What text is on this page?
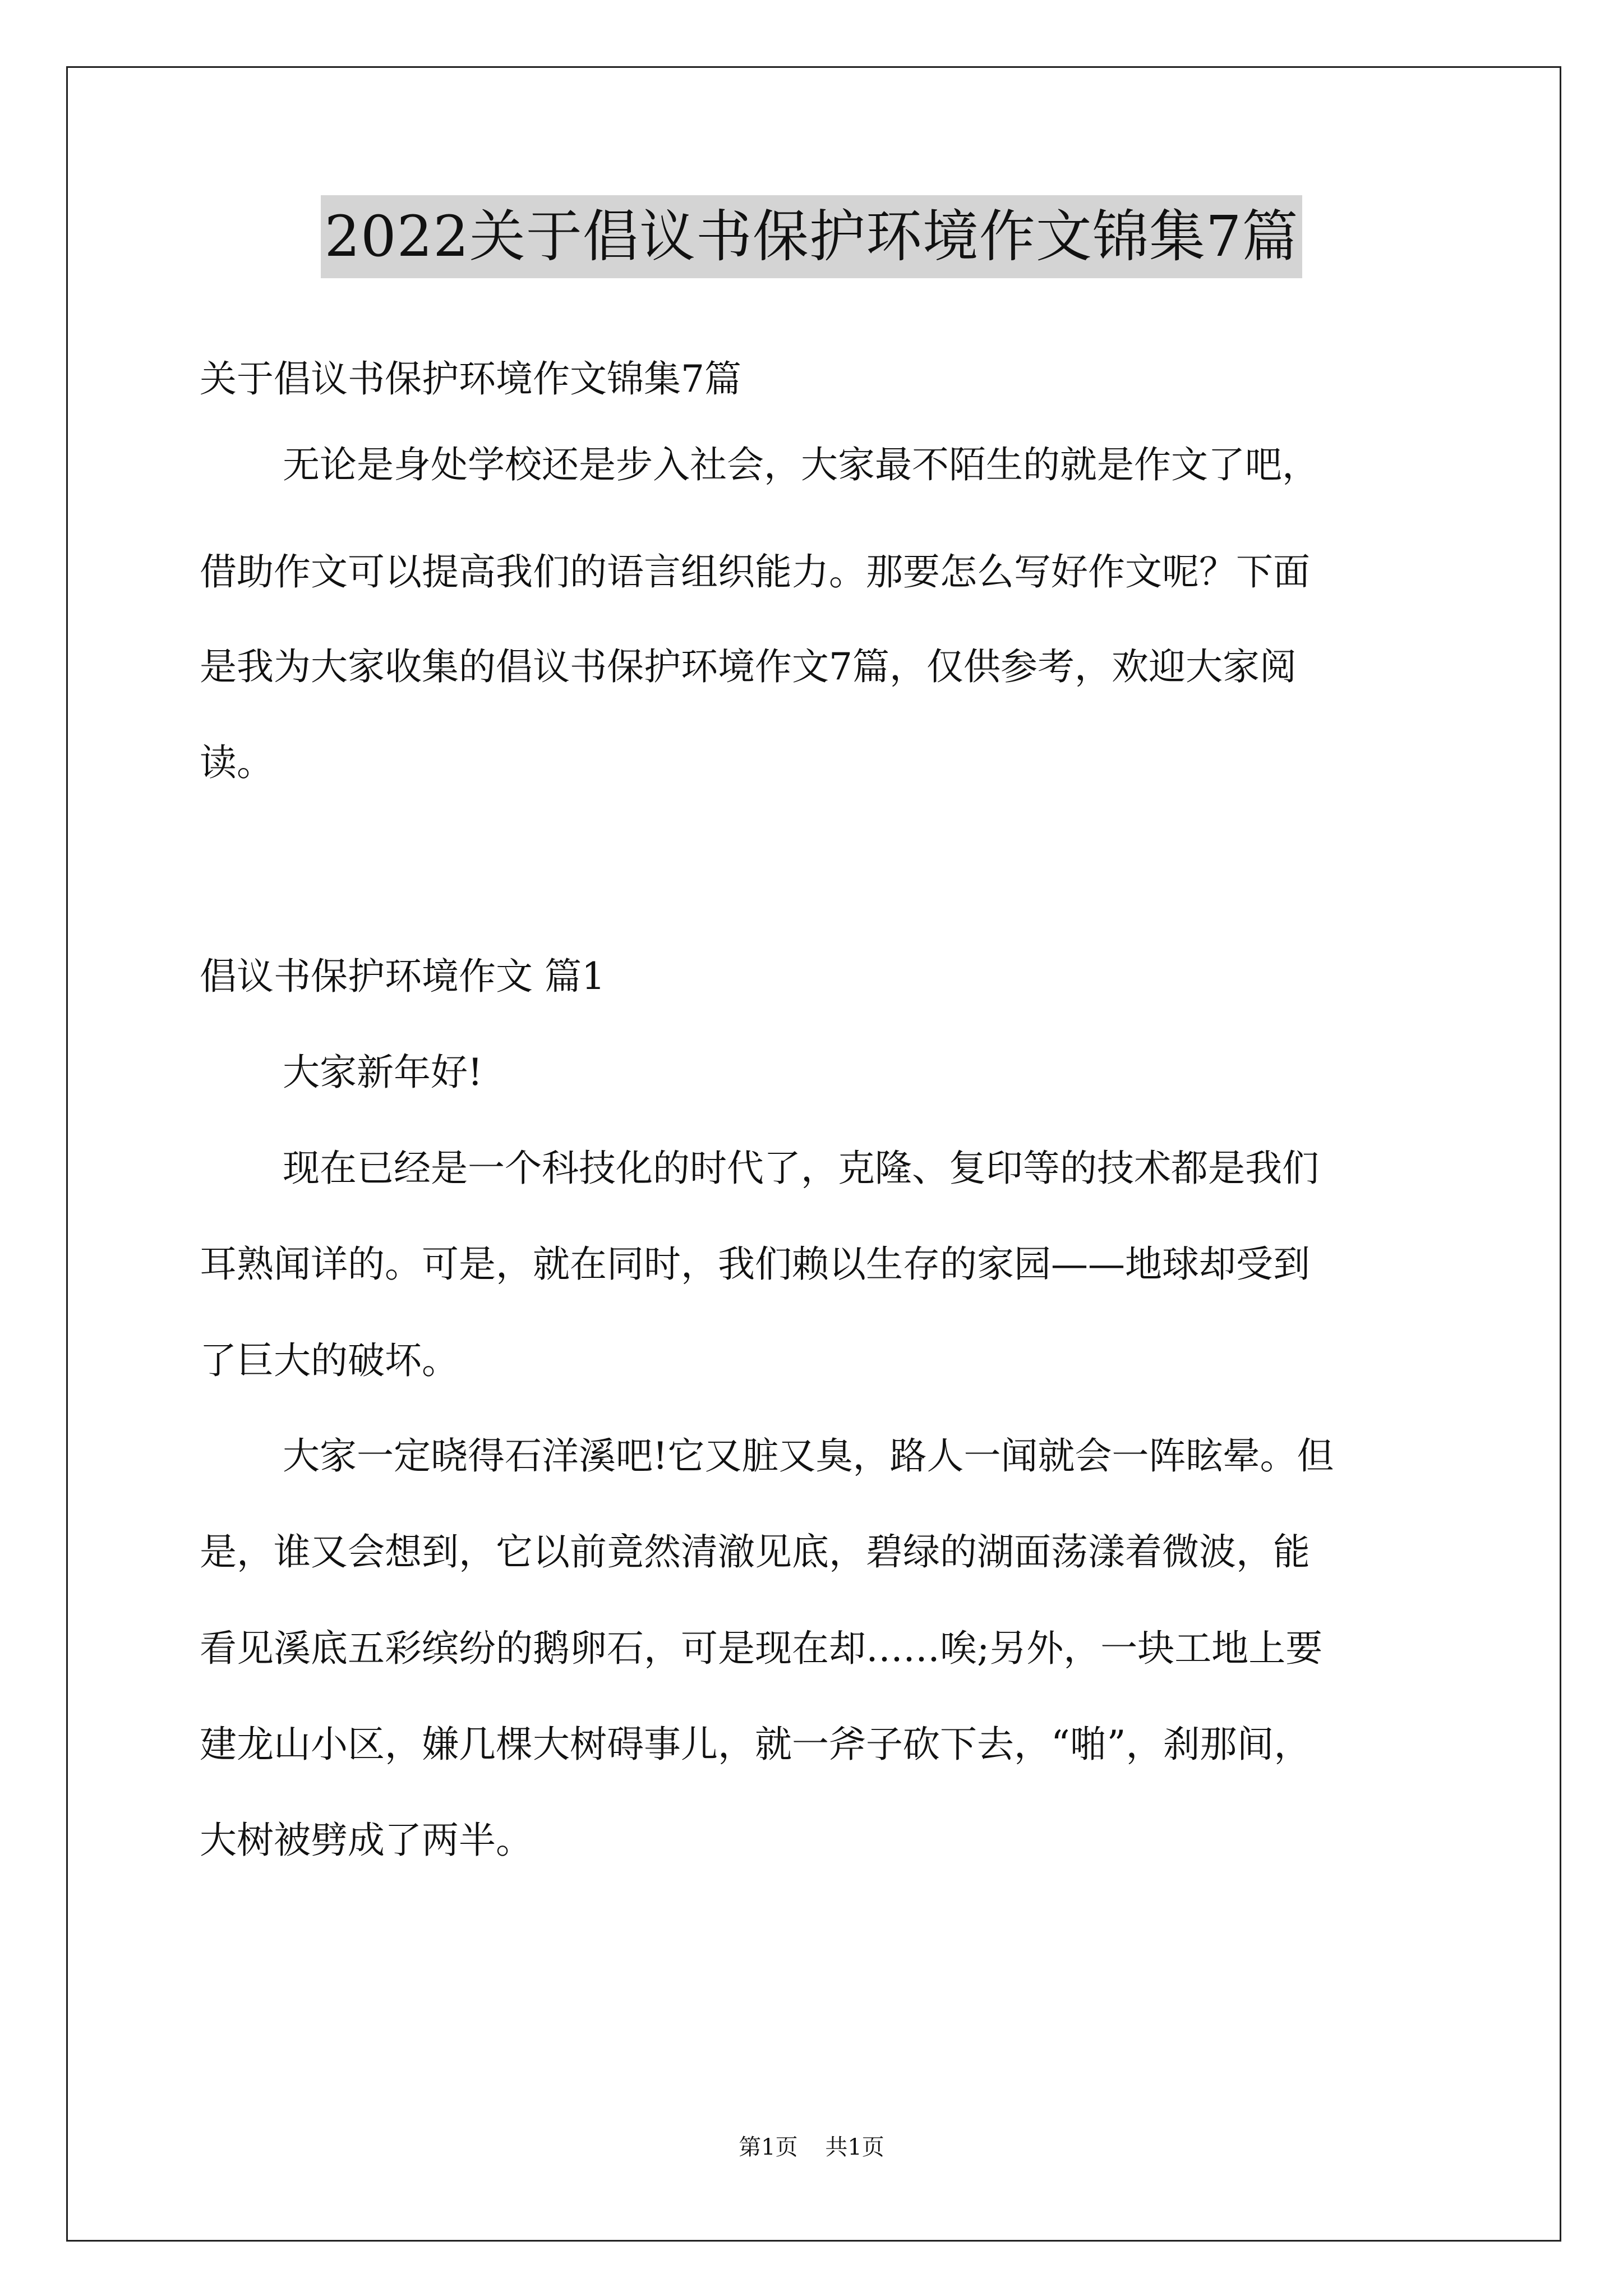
2022关于倡议书保护环境作文锦集7篇
关于倡议书保护环境作文锦集7篇
无论是身处学校还是步入社会，大家最不陌生的就是作文了吧，
借助作文可以提高我们的语言组织能力。那要怎么写好作文呢？下面
是我为大家收集的倡议书保护环境作文7篇，仅供参考，欢迎大家阅
读。
倡议书保护环境作文 篇1
大家新年好!
现在已经是一个科技化的时代了，克隆、复印等的技术都是我们
耳熟闻详的。可是，就在同时，我们赖以生存的家园——地球却受到
了巨大的破坏。
大家一定晓得石洋溪吧!它又脏又臭，路人一闻就会一阵眩晕。但
是，谁又会想到，它以前竟然清澈见底，碧绿的湖面荡漾着微波，能
看见溪底五彩缤纷的鹅卵石，可是现在却……唉;另外，一块工地上要
建龙山小区，嫌几棵大树碍事儿，就一斧子砍下去，“啪”，刹那间，
大树被劈成了两半。
第1页 共1页
